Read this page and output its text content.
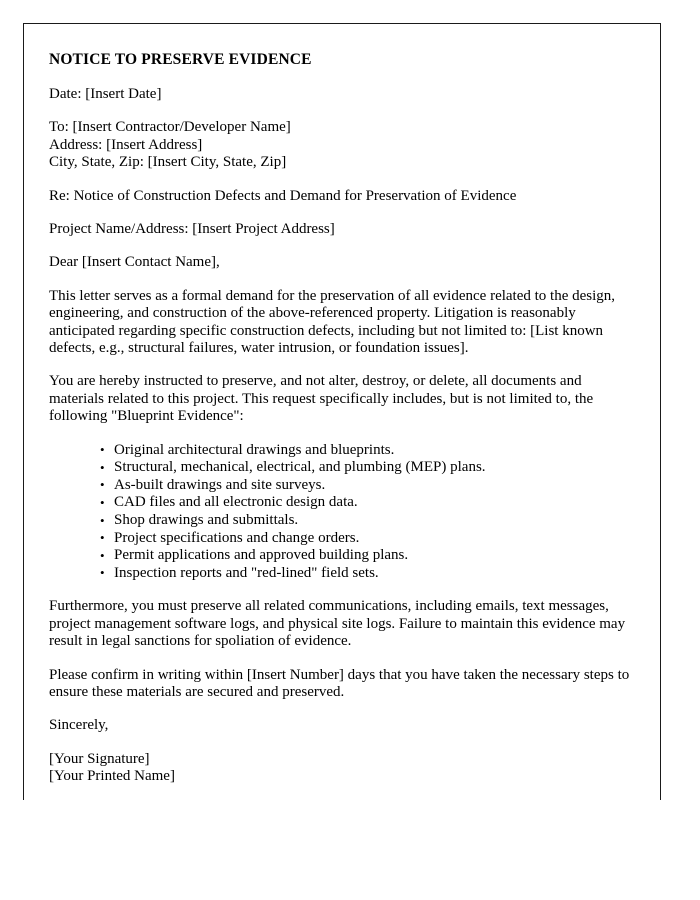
NOTICE TO PRESERVE EVIDENCE

Date: [Insert Date]

To: [Insert Contractor/Developer Name]
Address: [Insert Address]
City, State, Zip: [Insert City, State, Zip]

Re: Notice of Construction Defects and Demand for Preservation of Evidence

Project Name/Address: [Insert Project Address]

Dear [Insert Contact Name],

This letter serves as a formal demand for the preservation of all evidence related to the design, engineering, and construction of the above-referenced property. Litigation is reasonably anticipated regarding specific construction defects, including but not limited to: [List known defects, e.g., structural failures, water intrusion, or foundation issues].

You are hereby instructed to preserve, and not alter, destroy, or delete, all documents and materials related to this project. This request specifically includes, but is not limited to, the following "Blueprint Evidence":

• Original architectural drawings and blueprints.
• Structural, mechanical, electrical, and plumbing (MEP) plans.
• As-built drawings and site surveys.
• CAD files and all electronic design data.
• Shop drawings and submittals.
• Project specifications and change orders.
• Permit applications and approved building plans.
• Inspection reports and "red-lined" field sets.

Furthermore, you must preserve all related communications, including emails, text messages, project management software logs, and physical site logs. Failure to maintain this evidence may result in legal sanctions for spoliation of evidence.

Please confirm in writing within [Insert Number] days that you have taken the necessary steps to ensure these materials are secured and preserved.

Sincerely,

[Your Signature]
[Your Printed Name]
